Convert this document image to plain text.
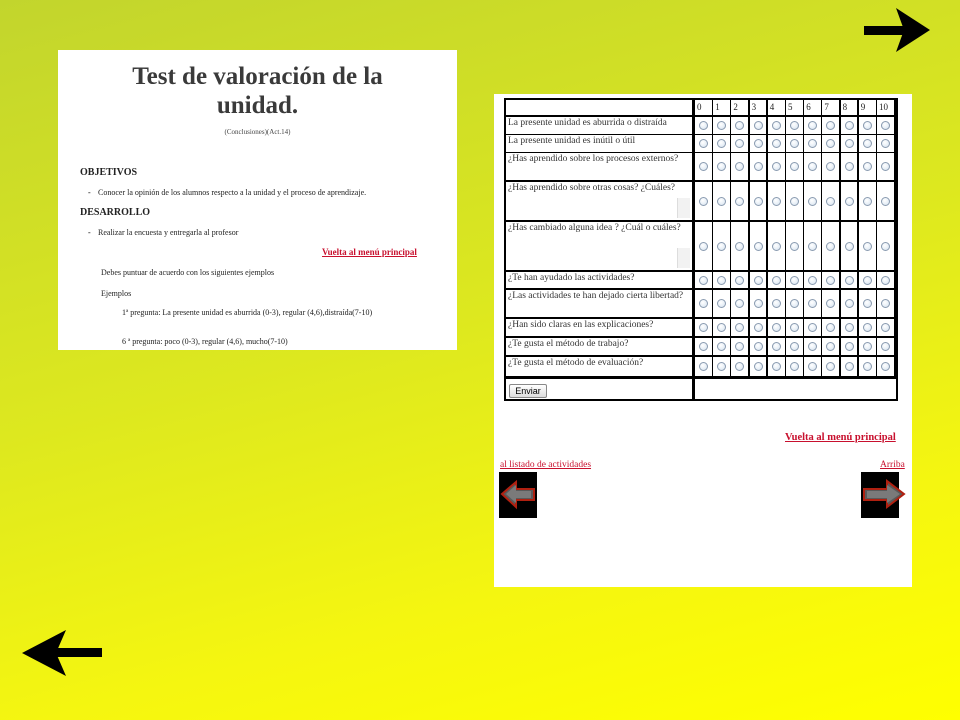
Test de valoración de la
unidad.
(Conclusiones)(Act.14)
OBJETIVOS
- Conocer la opinión de los alumnos respecto a la unidad y el proceso de aprendizaje.
DESARROLLO
- Realizar la encuesta y entregarla al profesor
Vuelta al menú principal
Debes puntuar de acuerdo con los siguientes ejemplos
Ejemplos
1ª pregunta: La presente unidad es aburrida (0-3), regular (4,6),distraída(7-10)
6 ª pregunta: poco (0-3), regular (4,6), mucho(7-10)
0	1	2	3	4	5	6	7	8	9	10
La presente unidad es aburrida o distraída
La presente unidad es inútil o útil
¿Has aprendido sobre los procesos externos?
¿Has aprendido sobre otras cosas? ¿Cuáles?
¿Has cambiado alguna idea ? ¿Cuál o cuáles?
¿Te han ayudado las actividades?
¿Las actividades te han dejado cierta libertad?
¿Han sido claras en las explicaciones?
¿Te gusta el método de trabajo?
¿Te gusta el método de evaluación?
Enviar
Vuelta al menú principal
al listado de actividades	Arriba
